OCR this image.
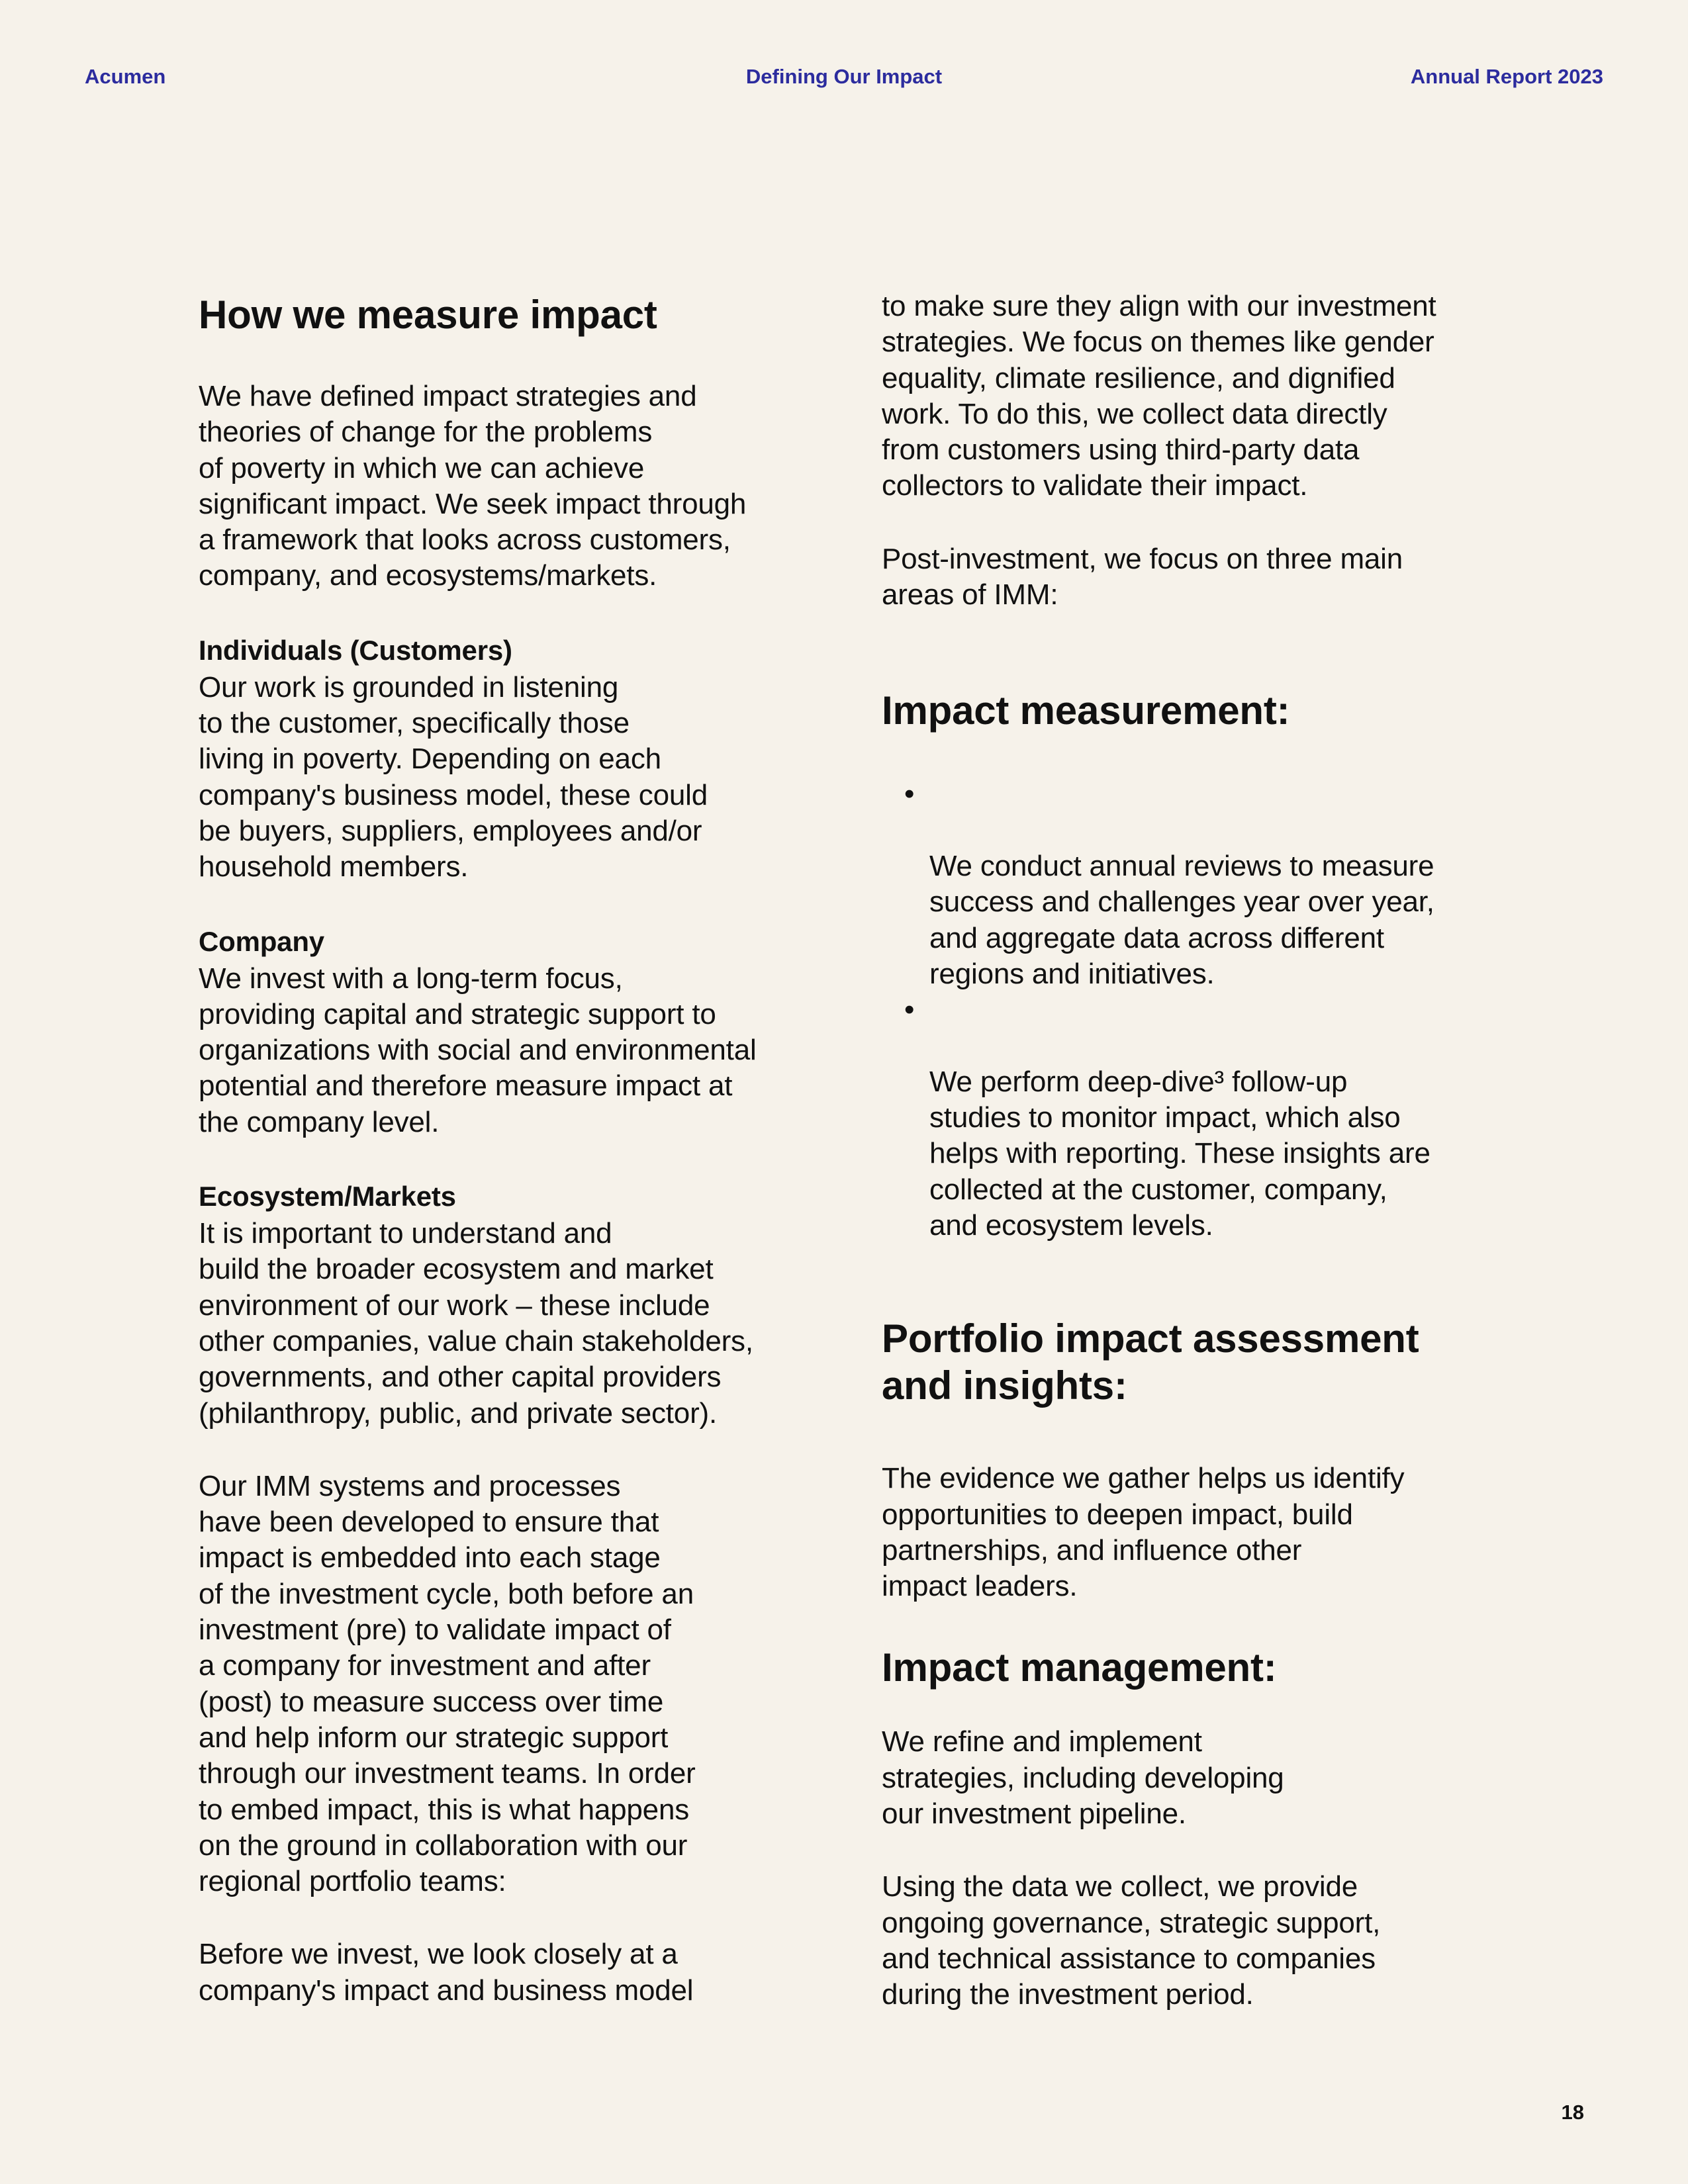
Acumen	Defining Our Impact	Annual Report 2023
How we measure impact

We have defined impact strategies and
theories of change for the problems
of poverty in which we can achieve
significant impact. We seek impact through
a framework that looks across customers,
company, and ecosystems/markets.

Individuals (Customers)

Our work is grounded in listening
to the customer, specifically those
living in poverty. Depending on each
company's business model, these could
be buyers, suppliers, employees and/or
household members.

Company

We invest with a long-term focus,
providing capital and strategic support to
organizations with social and environmental
potential and therefore measure impact at
the company level.

Ecosystem/Markets

It is important to understand and
build the broader ecosystem and market
environment of our work – these include
other companies, value chain stakeholders,
governments, and other capital providers
(philanthropy, public, and private sector).

Our IMM systems and processes
have been developed to ensure that
impact is embedded into each stage
of the investment cycle, both before an
investment (pre) to validate impact of
a company for investment and after
(post) to measure success over time
and help inform our strategic support
through our investment teams. In order
to embed impact, this is what happens
on the ground in collaboration with our
regional portfolio teams:

Before we invest, we look closely at a
company's impact and business model

to make sure they align with our investment
strategies. We focus on themes like gender
equality, climate resilience, and dignified
work. To do this, we collect data directly
from customers using third-party data
collectors to validate their impact.

Post-investment, we focus on three main
areas of IMM:

Impact measurement:

•

We conduct annual reviews to measure
success and challenges year over year,
and aggregate data across different
regions and initiatives.

•

We perform deep-dive³ follow-up
studies to monitor impact, which also
helps with reporting. These insights are
collected at the customer, company,
and ecosystem levels.

Portfolio impact assessment
and insights:

The evidence we gather helps us identify
opportunities to deepen impact, build
partnerships, and influence other
impact leaders.

Impact management:

We refine and implement
strategies, including developing
our investment pipeline.

Using the data we collect, we provide
ongoing governance, strategic support,
and technical assistance to companies
during the investment period.

18
